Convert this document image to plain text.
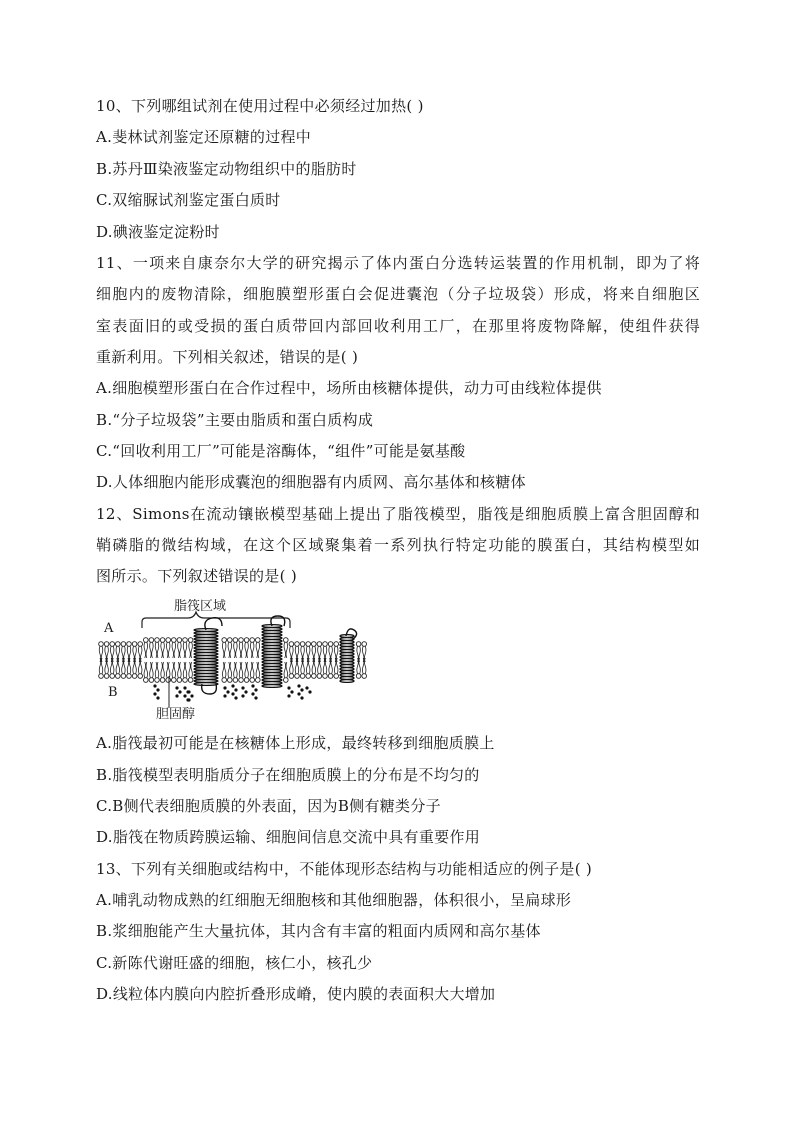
10、下列哪组试剂在使用过程中必须经过加热( )
A.斐林试剂鉴定还原糖的过程中
B.苏丹Ⅲ染液鉴定动物组织中的脂肪时
C.双缩脲试剂鉴定蛋白质时
D.碘液鉴定淀粉时
11、一项来自康奈尔大学的研究揭示了体内蛋白分选转运装置的作用机制，即为了将
细胞内的废物清除，细胞膜塑形蛋白会促进囊泡（分子垃圾袋）形成，将来自细胞区
室表面旧的或受损的蛋白质带回内部回收利用工厂，在那里将废物降解，使组件获得
重新利用。下列相关叙述，错误的是( )
A.细胞模塑形蛋白在合作过程中，场所由核糖体提供，动力可由线粒体提供
B.“分子垃圾袋”主要由脂质和蛋白质构成
C.“回收利用工厂”可能是溶酶体，“组件”可能是氨基酸
D.人体细胞内能形成囊泡的细胞器有内质网、高尔基体和核糖体
12、Simons在流动镶嵌模型基础上提出了脂筏模型，脂筏是细胞质膜上富含胆固醇和
鞘磷脂的微结构域，在这个区域聚集着一系列执行特定功能的膜蛋白，其结构模型如
图所示。下列叙述错误的是( )
脂筏区域
A
B
胆固醇
A.脂筏最初可能是在核糖体上形成，最终转移到细胞质膜上
B.脂筏模型表明脂质分子在细胞质膜上的分布是不均匀的
C.B侧代表细胞质膜的外表面，因为B侧有糖类分子
D.脂筏在物质跨膜运输、细胞间信息交流中具有重要作用
13、下列有关细胞或结构中，不能体现形态结构与功能相适应的例子是( )
A.哺乳动物成熟的红细胞无细胞核和其他细胞器，体积很小，呈扁球形
B.浆细胞能产生大量抗体，其内含有丰富的粗面内质网和高尔基体
C.新陈代谢旺盛的细胞，核仁小，核孔少
D.线粒体内膜向内腔折叠形成嵴，使内膜的表面积大大增加
